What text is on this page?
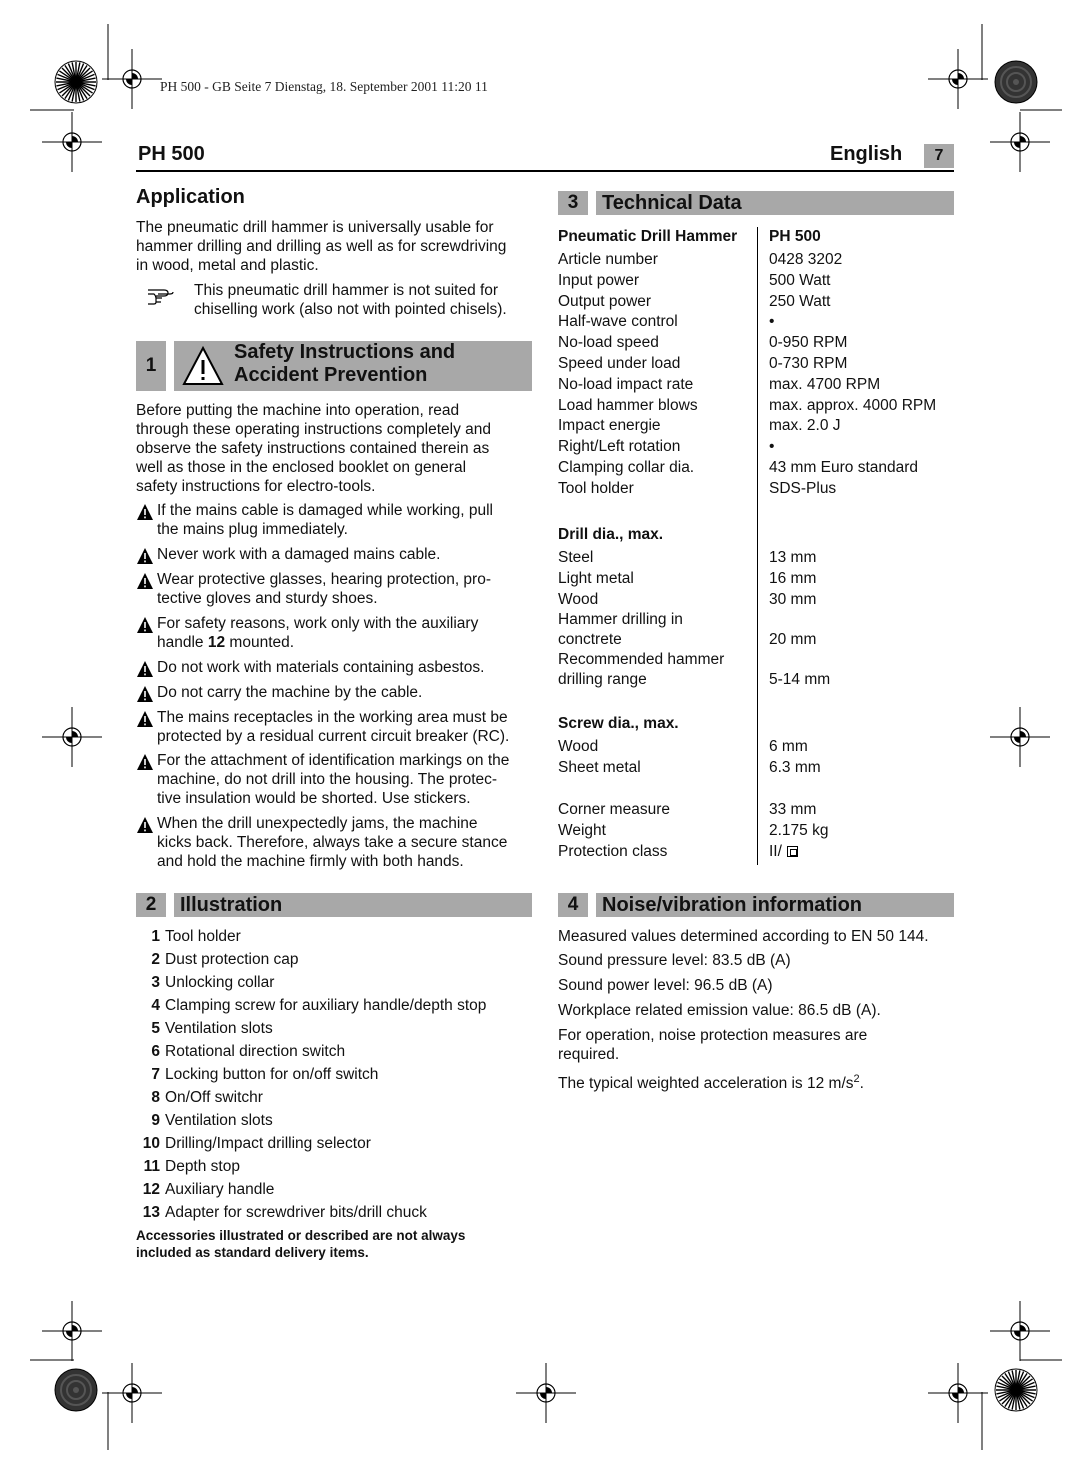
PH 500 - GB Seite 7 Dienstag, 18. September 2001 11:20 11
PH 500	English	7
Application
The pneumatic drill hammer is universally usable for
hammer drilling and drilling as well as for screwdriving
in wood, metal and plastic.
This pneumatic drill hammer is not suited for
chiselling work (also not with pointed chisels).
1
Safety Instructions and
Accident Prevention
Before putting the machine into operation, read
through these operating instructions completely and
observe the safety instructions contained therein as
well as those in the enclosed booklet on general
safety instructions for electro-tools.
If the mains cable is damaged while working, pull
the mains plug immediately.
Never work with a damaged mains cable.
Wear protective glasses, hearing protection, pro-
tective gloves and sturdy shoes.
For safety reasons, work only with the auxiliary
handle 12 mounted.
Do not work with materials containing asbestos.
Do not carry the machine by the cable.
The mains receptacles in the working area must be
protected by a residual current circuit breaker (RC).
For the attachment of identification markings on the
machine, do not drill into the housing. The protec-
tive insulation would be shorted. Use stickers.
When the drill unexpectedly jams, the machine
kicks back. Therefore, always take a secure stance
and hold the machine firmly with both hands.
2	Illustration
1 Tool holder
2 Dust protection cap
3 Unlocking collar
4 Clamping screw for auxiliary handle/depth stop
5 Ventilation slots
6 Rotational direction switch
7 Locking button for on/off switch
8 On/Off switchr
9 Ventilation slots
10 Drilling/Impact drilling selector
11 Depth stop
12 Auxiliary handle
13 Adapter for screwdriver bits/drill chuck
Accessories illustrated or described are not always
included as standard delivery items.
3	Technical Data
Pneumatic Drill Hammer PH 500
Article number	0428 3202
Input power	500 Watt
Output power	250 Watt
Half-wave control	•
No-load speed	0-950 RPM
Speed under load	0-730 RPM
No-load impact rate	max. 4700 RPM
Load hammer blows	max. approx. 4000 RPM
Impact energie	max. 2.0 J
Right/Left rotation	•
Clamping collar dia.	43 mm Euro standard
Tool holder	SDS-Plus
Drill dia., max.
Steel	13 mm
Light metal	16 mm
Wood	30 mm
Hammer drilling in
conctrete	20 mm
Recommended hammer
drilling range	5-14 mm
Screw dia., max.
Wood	6 mm
Sheet metal	6.3 mm
Corner measure	33 mm
Weight	2.175 kg
Protection class	II/
4	Noise/vibration information
Measured values determined according to EN 50 144.
Sound pressure level: 83.5 dB (A)
Sound power level: 96.5 dB (A)
Workplace related emission value: 86.5 dB (A).
For operation, noise protection measures are
required.
The typical weighted acceleration is 12 $m/s^2$.
